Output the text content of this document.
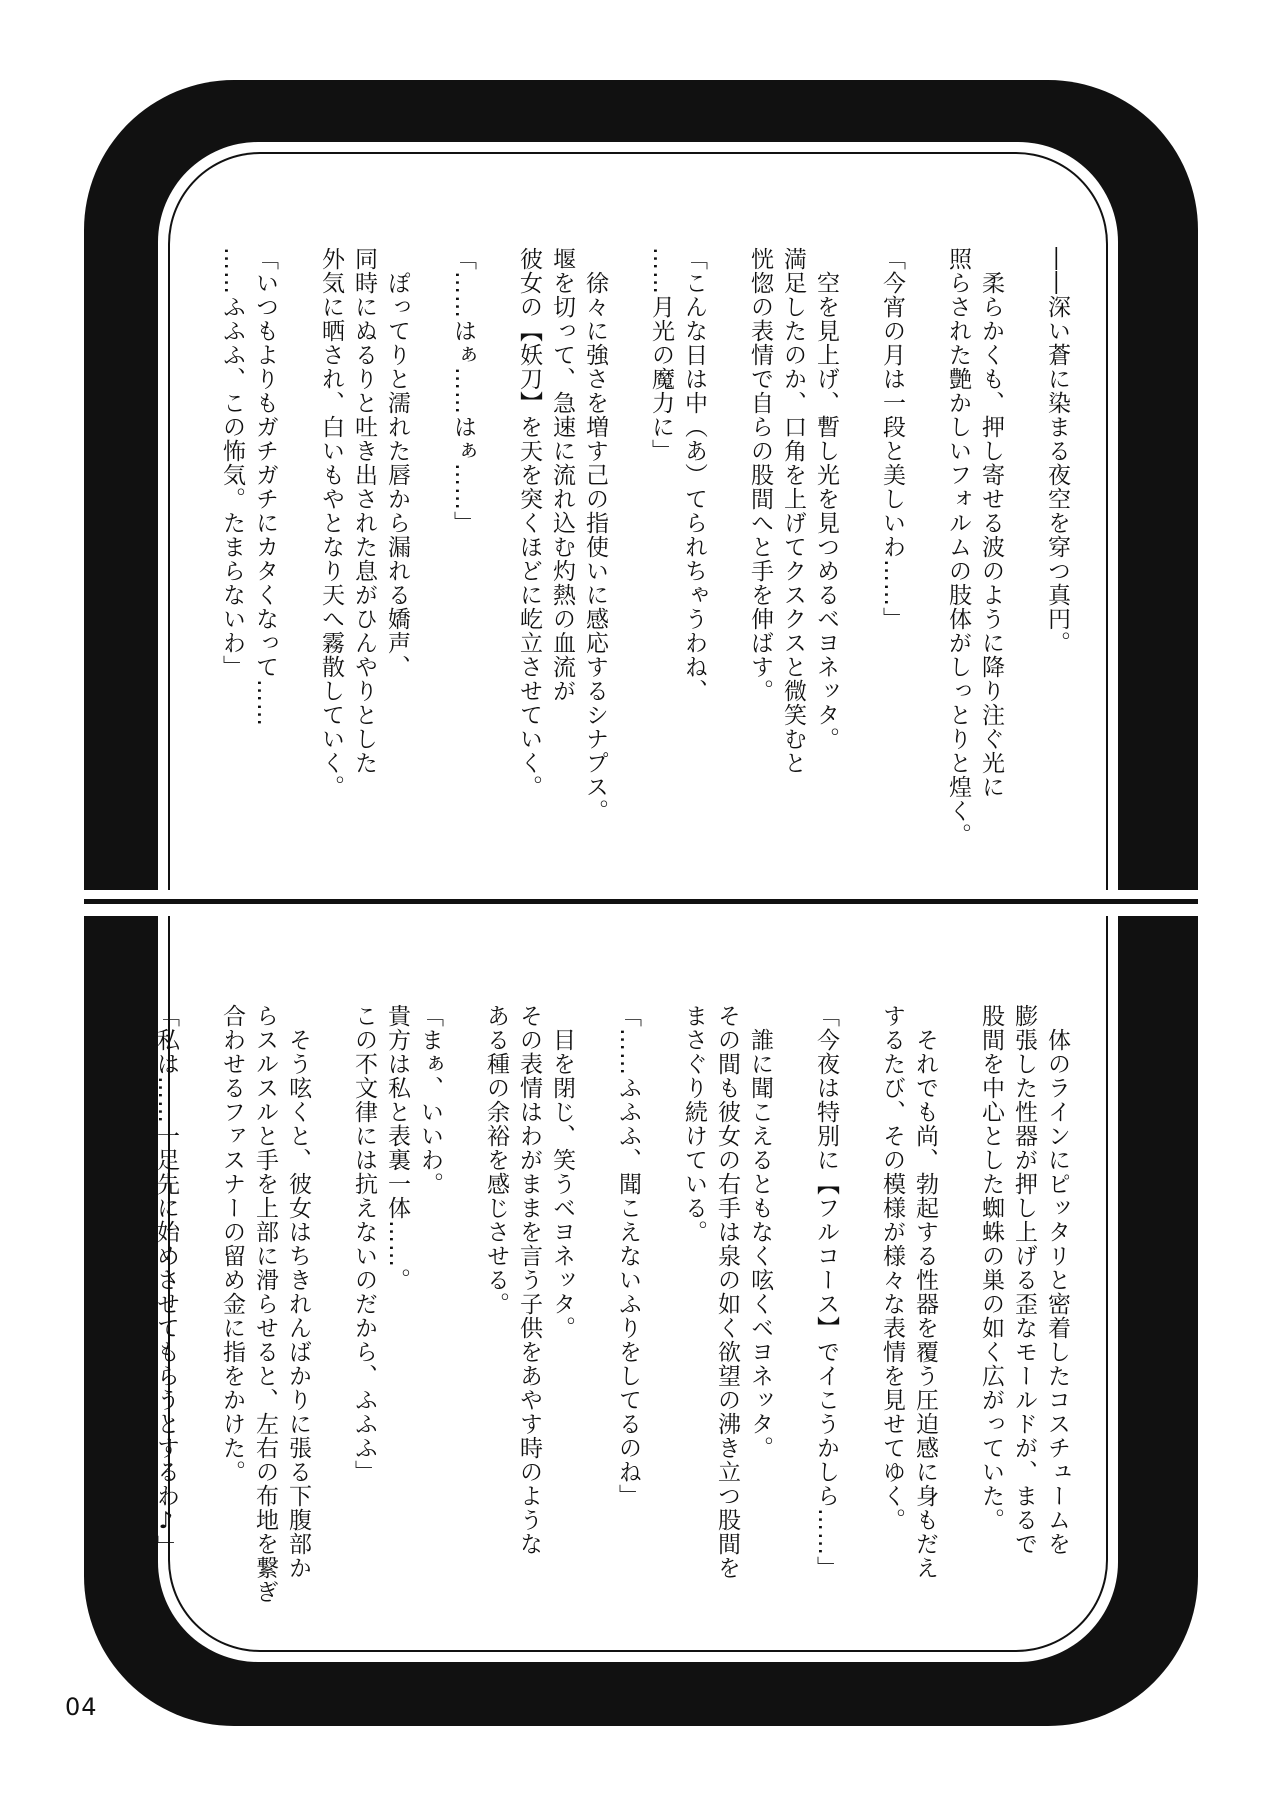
――深い蒼に染まる夜空を穿つ真円。

　柔らかくも、押し寄せる波のように降り注ぐ光に
照らされた艶かしいフォルムの肢体がしっとりと煌く。

「今宵の月は一段と美しいわ……」

　空を見上げ、暫し光を見つめるベヨネッタ。
満足したのか、口角を上げてクスクスと微笑むと
恍惚の表情で自らの股間へと手を伸ばす。

「こんな日は中（あ）てられちゃうわね、
……月光の魔力に」

　徐々に強さを増す己の指使いに感応するシナプス。
堰を切って、急速に流れ込む灼熱の血流が
彼女の【妖刀】を天を突くほどに屹立させていく。

「……はぁ……はぁ……」

　ぽってりと濡れた唇から漏れる嬌声、
同時にぬるりと吐き出された息がひんやりとした
外気に晒され、白いもやとなり天へ霧散していく。

「いつもよりもガチガチにカタくなって……
……ふふふ、この怖気。たまらないわ」
　体のラインにピッタリと密着したコスチュームを
膨張した性器が押し上げる歪なモールドが、まるで
股間を中心とした蜘蛛の巣の如く広がっていた。

　それでも尚、勃起する性器を覆う圧迫感に身もだえ
するたび、その模様が様々な表情を見せてゆく。

「今夜は特別に【フルコース】でイこうかしら……」

　誰に聞こえるともなく呟くベヨネッタ。
その間も彼女の右手は泉の如く欲望の沸き立つ股間を
まさぐり続けている。

「……ふふふ、聞こえないふりをしてるのね」

　目を閉じ、笑うベヨネッタ。
その表情はわがままを言う子供をあやす時のような
ある種の余裕を感じさせる。

「まぁ、いいわ。
貴方は私と表裏一体……。
この不文律には抗えないのだから、ふふふ」

　そう呟くと、彼女はちきれんばかりに張る下腹部か
らスルスルと手を上部に滑らせると、左右の布地を繋ぎ
合わせるファスナーの留め金に指をかけた。

「私は……一足先に始めさせてもらうとするわ♪」
04
